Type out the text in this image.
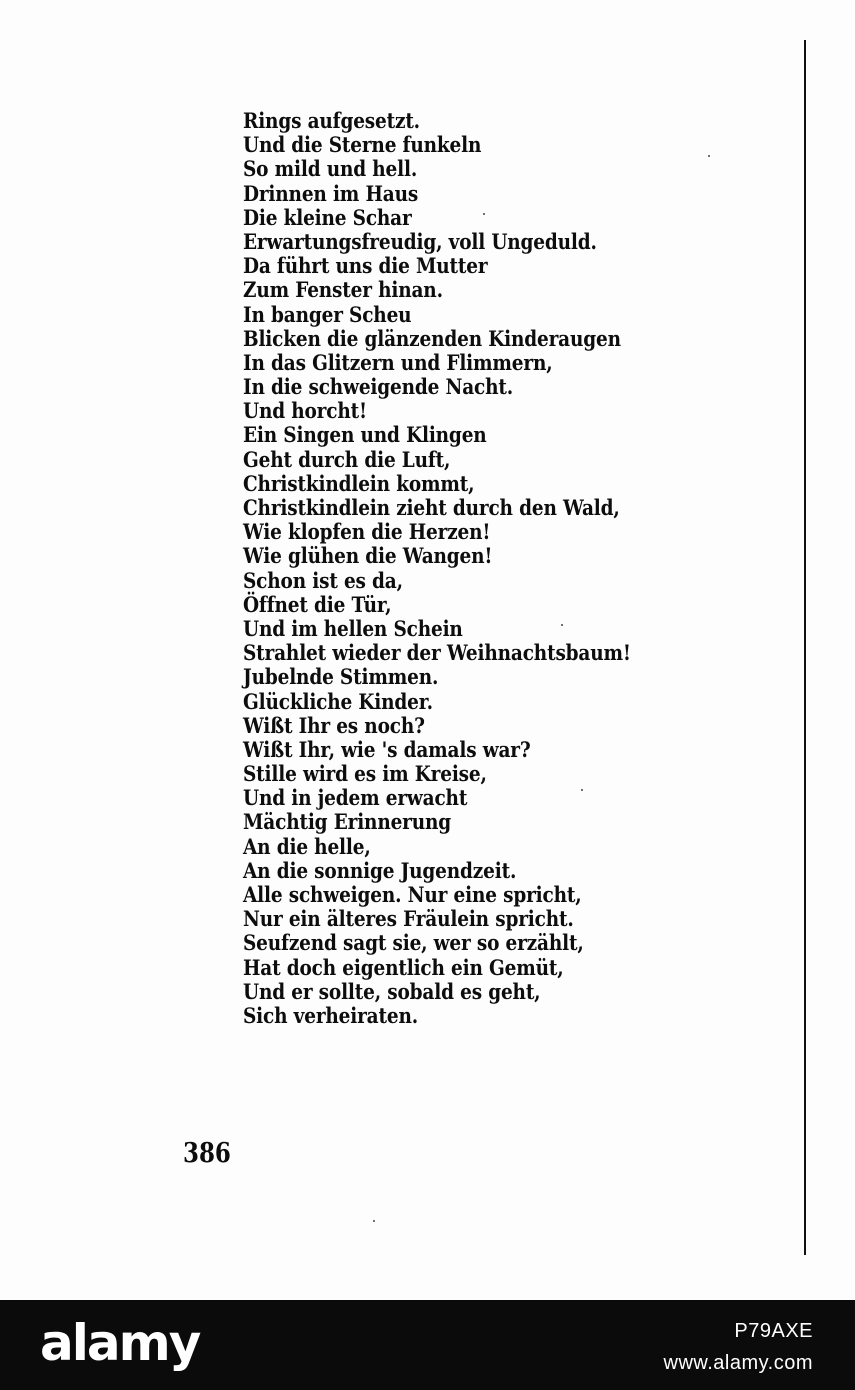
Rings aufgesetzt.
Und die Sterne funkeln
So mild und hell.
Drinnen im Haus
Die kleine Schar
Erwartungsfreudig, voll Ungeduld.
Da führt uns die Mutter
Zum Fenster hinan.
In banger Scheu
Blicken die glänzenden Kinderaugen
In das Glitzern und Flimmern,
In die schweigende Nacht.
Und horcht!
Ein Singen und Klingen
Geht durch die Luft,
Christkindlein kommt,
Christkindlein zieht durch den Wald,
Wie klopfen die Herzen!
Wie glühen die Wangen!
Schon ist es da,
Öffnet die Tür,
Und im hellen Schein
Strahlet wieder der Weihnachtsbaum!
Jubelnde Stimmen.
Glückliche Kinder.
Wißt Ihr es noch?
Wißt Ihr, wie 's damals war?
Stille wird es im Kreise,
Und in jedem erwacht
Mächtig Erinnerung
An die helle,
An die sonnige Jugendzeit.
Alle schweigen. Nur eine spricht,
Nur ein älteres Fräulein spricht.
Seufzend sagt sie, wer so erzählt,
Hat doch eigentlich ein Gemüt,
Und er sollte, sobald es geht,
Sich verheiraten.
386
alamy	P79AXE
www.alamy.com
